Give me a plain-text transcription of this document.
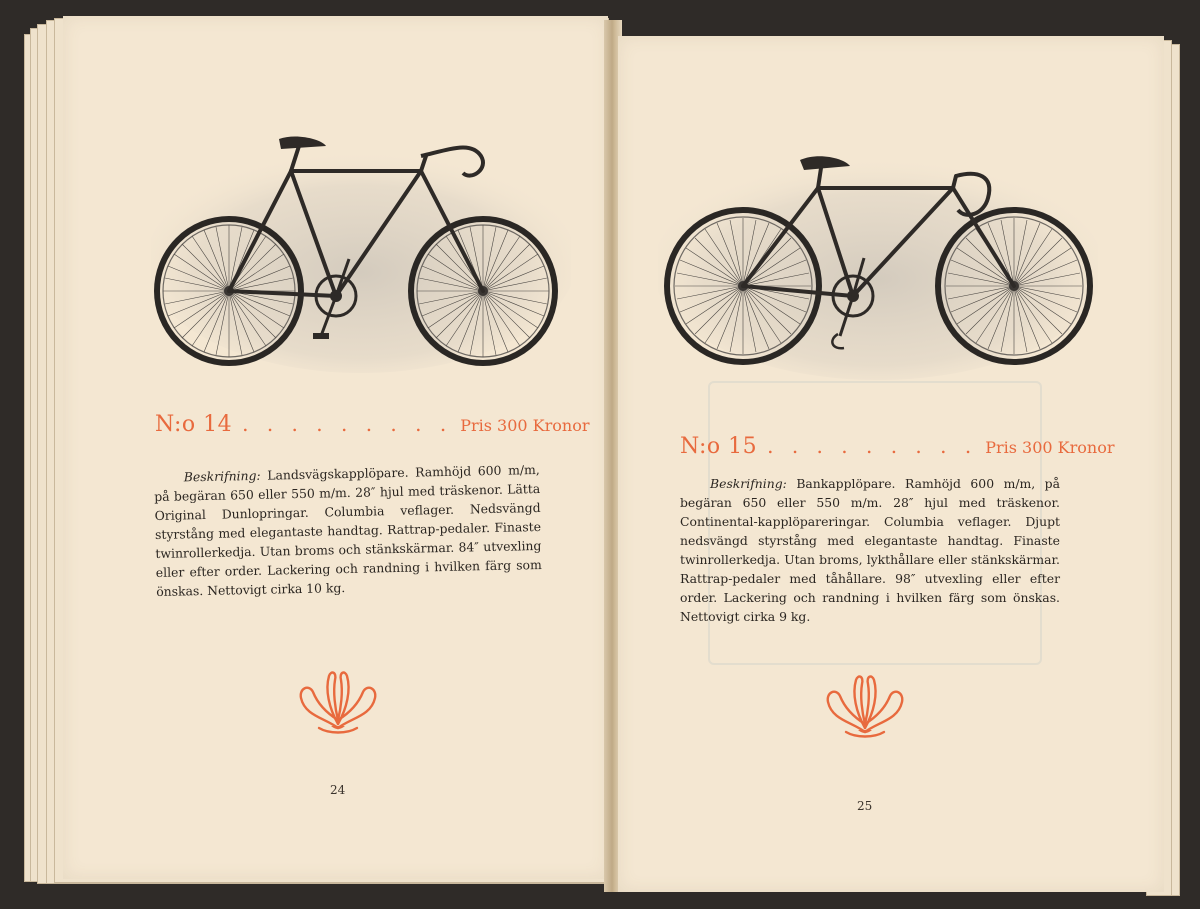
N:o 14 . . . . . . . . . Pris 300 Kronor

Beskrifning: Landsvägskapplöpare. Ramhöjd 600 m/m, på begäran 650 eller 550 m/m. 28″ hjul med träskenor. Lätta Original Dunlopringar. Columbia veflager. Nedsvängd styrstång med elegantaste handtag. Rattrap-pedaler. Finaste twinrollerkedja. Utan broms och stänkskärmar. 84″ utvexling eller efter order. Lackering och randning i hvilken färg som önskas. Nettovigt cirka 10 kg.

24
N:o 15 . . . . . . . . . Pris 300 Kronor

Beskrifning: Bankapplöpare. Ramhöjd 600 m/m, på begäran 650 eller 550 m/m. 28″ hjul med träskenor. Continental-kapplöpareringar. Columbia veflager. Djupt nedsvängd styrstång med elegantaste handtag. Finaste twinrollerkedja. Utan broms, lykthållare eller stänkskärmar. Rattrap-pedaler med tåhållare. 98″ utvexling eller efter order. Lackering och randning i hvilken färg som önskas. Nettovigt cirka 9 kg.

25
